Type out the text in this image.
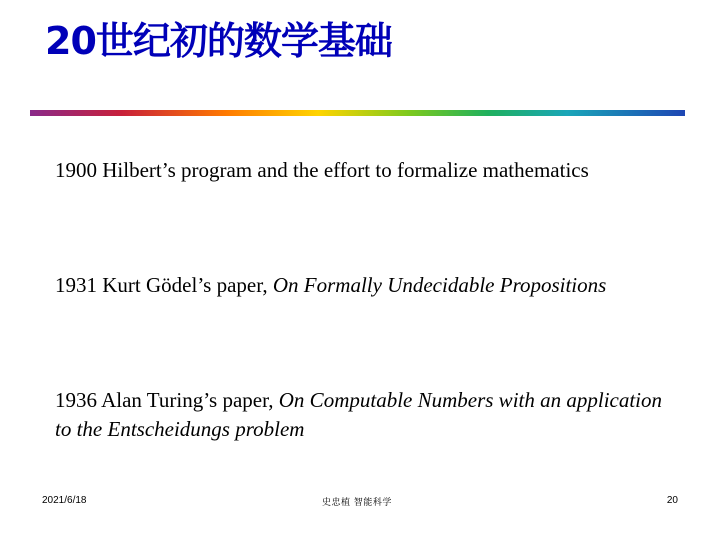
20世纪初的数学基础

1900 Hilbert’s program and the effort to formalize mathematics

1931 Kurt Gödel’s paper, On Formally Undecidable Propositions

1936 Alan Turing’s paper, On Computable Numbers with an application to the Entscheidungs problem

2021/6/18	史忠植 智能科学	20
